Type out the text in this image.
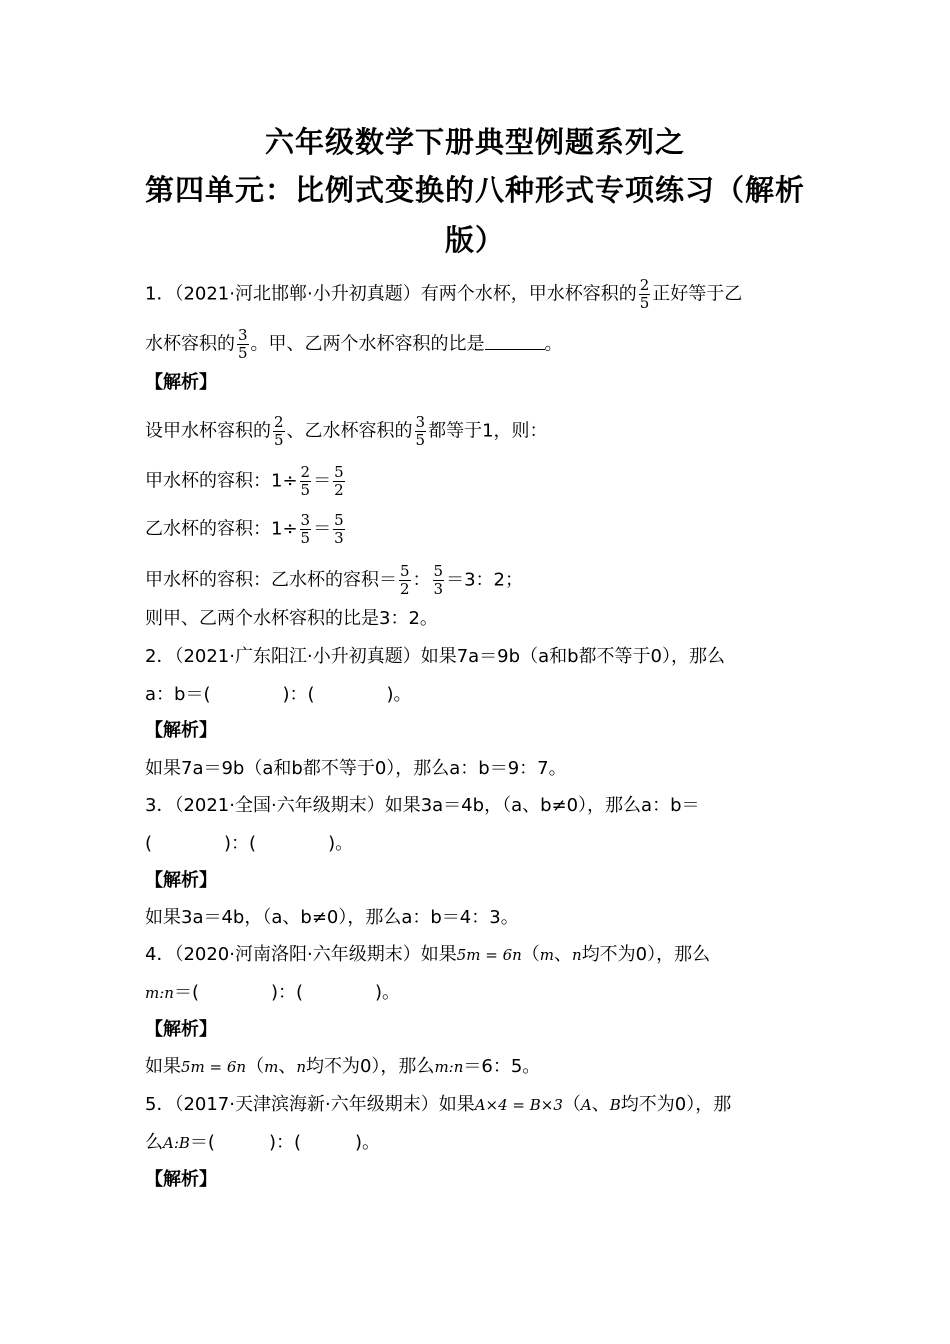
六年级数学下册典型例题系列之
第四单元：比例式变换的八种形式专项练习（解析
版）
1．（2021·河北邯郸·小升初真题）有两个水杯，甲水杯容积的 $\frac{2}{5}$ 正好等于乙
水杯容积的 $\frac{3}{5}$ 。甲、乙两个水杯容积的比是	。
【解析】
设甲水杯容积的 $\frac{2}{5}$ 、乙水杯容积的 $\frac{3}{5}$ 都等于1，则：
甲水杯的容积：$1\div \frac{2}{5} = \frac{5}{2}$
乙水杯的容积：$1\div \frac{3}{5} = \frac{5}{3}$
甲水杯的容积：乙水杯的容积＝ $\frac{5}{2}$ ： $\frac{5}{3} =3$：2；
则甲、乙两个水杯容积的比是3：2。
2．（2021·广东阳江·小升初真题）如果7a＝9b（a和b都不等于0），那么
a：b＝(　　　　)：(　　　　)。
【解析】
如果7a＝9b（a和b都不等于0），那么a：b＝9：7。
3．（2021·全国·六年级期末）如果3a＝4b，（a、b≠0），那么a：b＝
(　　　　)：(　　　　)。
【解析】
如果3a＝4b，（a、b≠0），那么a：b＝4：3。
4．（2020·河南洛阳·六年级期末）如果5m = 6n（m、n均不为0），那么
m:n＝(　　　　)：(　　　　)。
【解析】
如果5m = 6n（m、n均不为0），那么m:n＝6：5。
5．（2017·天津滨海新·六年级期末）如果A×4 = B×3（A、B均不为0），那
么A:B＝(　　　)：(　　　)。
【解析】
